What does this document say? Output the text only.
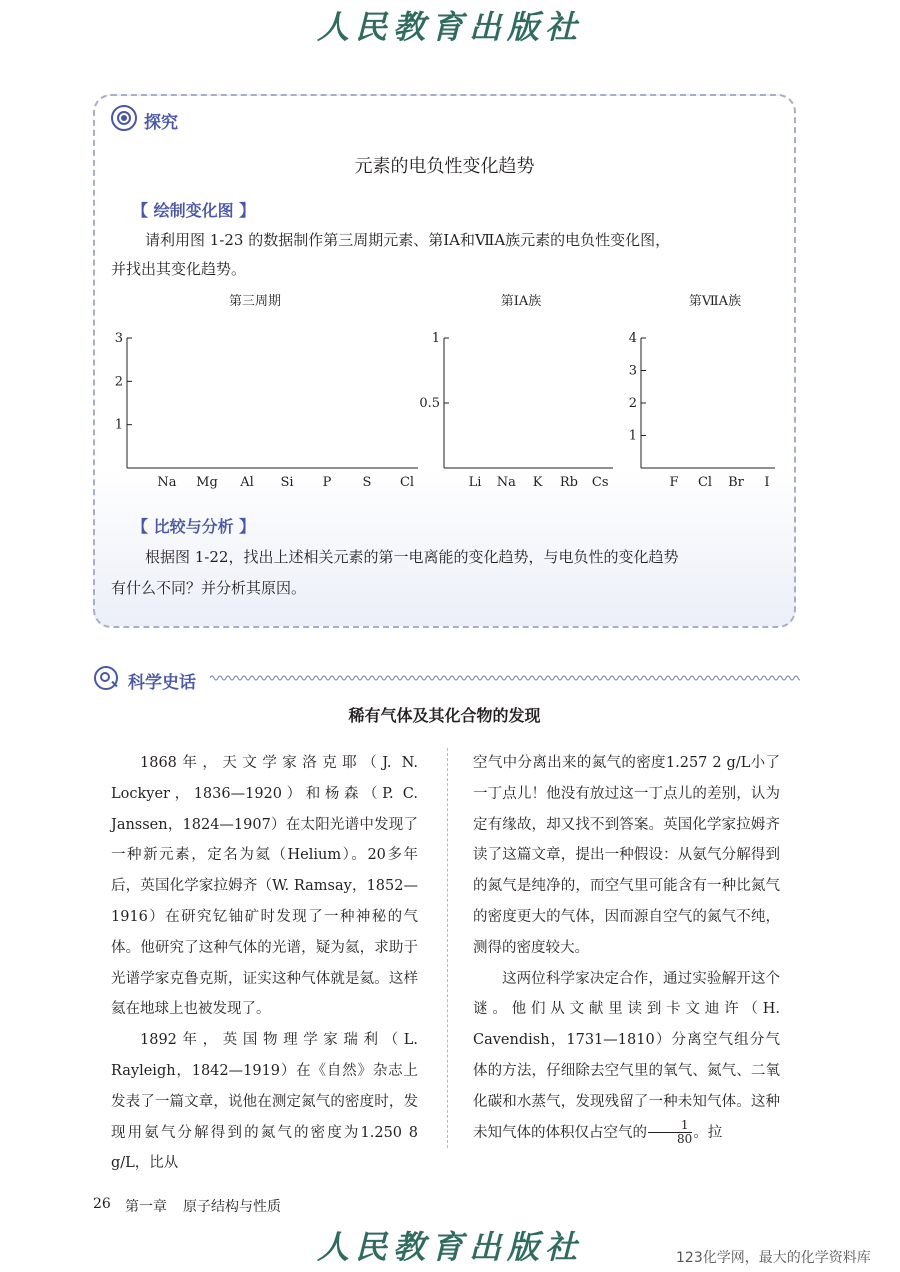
人民教育出版社
探究
元素的电负性变化趋势
【 绘制变化图 】
请利用图 1-23 的数据制作第三周期元素、第ⅠA和ⅦA族元素的电负性变化图，
并找出其变化趋势。
第三周期
1
2
3
Na Mg Al Si P S Cl
第ⅠA族
0.5
1
Li Na K Rb Cs
第ⅦA族
1
2
3
4
F Cl Br I
【 比较与分析 】
根据图 1-22，找出上述相关元素的第一电离能的变化趋势，与电负性的变化趋势
有什么不同？并分析其原因。
科学史话
稀有气体及其化合物的发现

1868年，天文学家洛克耶（J. N. Lockyer，1836—1920）和杨森（P. C. Janssen，1824—1907）在太阳光谱中发现了一种新元素，定名为氦（Helium）。20多年后，英国化学家拉姆齐（W. Ramsay，1852—1916）在研究钇铀矿时发现了一种神秘的气体。他研究了这种气体的光谱，疑为氦，求助于光谱学家克鲁克斯，证实这种气体就是氦。这样氦在地球上也被发现了。

1892年，英国物理学家瑞利（L. Rayleigh，1842—1919）在《自然》杂志上发表了一篇文章，说他在测定氮气的密度时，发现用氨气分解得到的氮气的密度为1.250 8 g/L，比从

空气中分离出来的氮气的密度1.257 2 g/L小了一丁点儿！他没有放过这一丁点儿的差别，认为定有缘故，却又找不到答案。英国化学家拉姆齐读了这篇文章，提出一种假设：从氨气分解得到的氮气是纯净的，而空气里可能含有一种比氮气的密度更大的气体，因而源自空气的氮气不纯，测得的密度较大。

这两位科学家决定合作，通过实验解开这个谜。他们从文献里读到卡文迪许（H. Cavendish，1731—1810）分离空气组分气体的方法，仔细除去空气里的氧气、氮气、二氧化碳和水蒸气，发现残留了一种未知气体。这种未知气体的体积仅占空气的 $\frac{1}{80}$ 。拉

26 第一章 原子结构与性质
人民教育出版社	123化学网，最大的化学资料库
